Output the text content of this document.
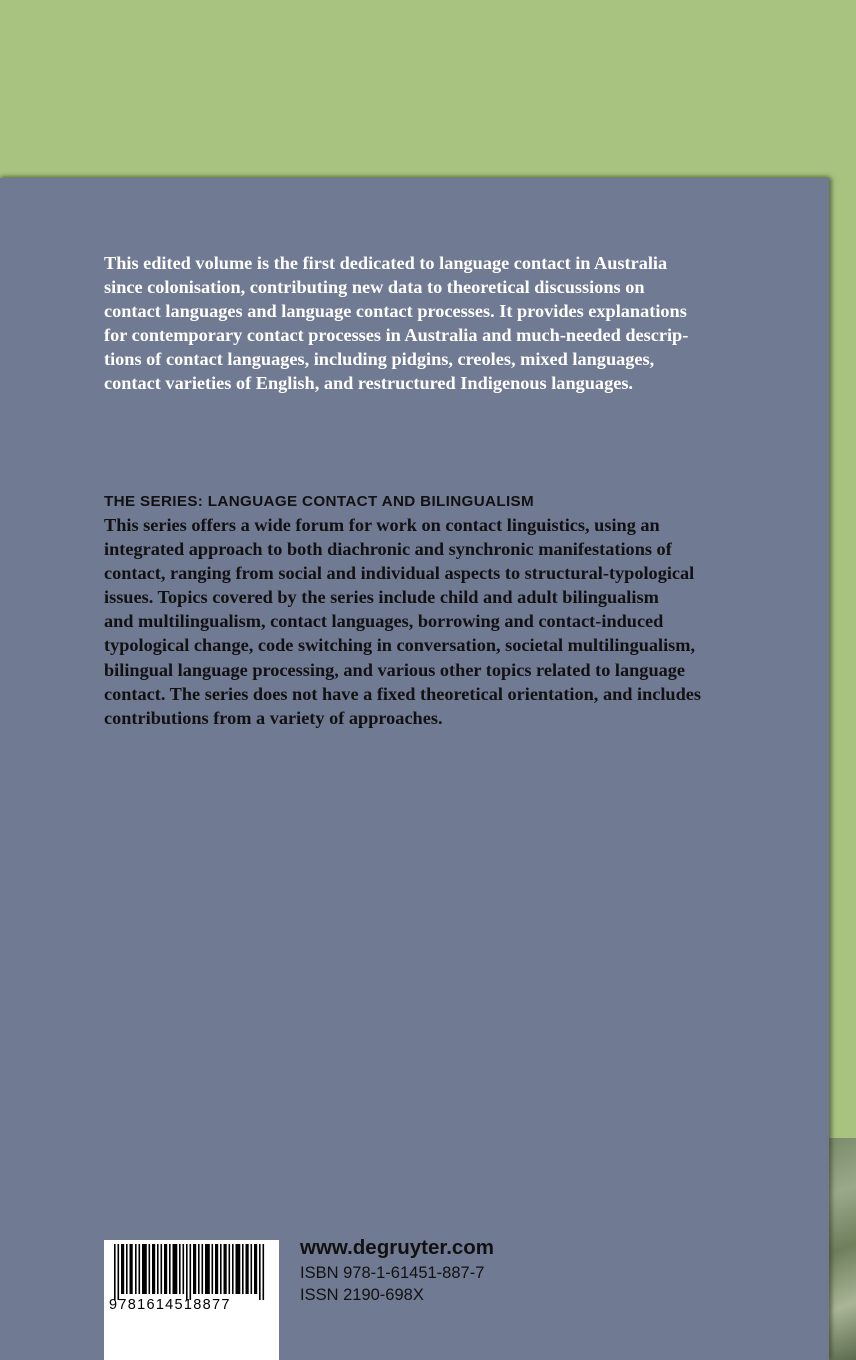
This edited volume is the first dedicated to language contact in Australia
since colonisation, contributing new data to theoretical discussions on
contact languages and language contact processes. It provides explanations
for contemporary contact processes in Australia and much-needed descrip-
tions of contact languages, including pidgins, creoles, mixed languages,
contact varieties of English, and restructured Indigenous languages.

THE SERIES: LANGUAGE CONTACT AND BILINGUALISM

This series offers a wide forum for work on contact linguistics, using an
integrated approach to both diachronic and synchronic manifestations of
contact, ranging from social and individual aspects to structural-typological
issues. Topics covered by the series include child and adult bilingualism
and multilingualism, contact languages, borrowing and contact-induced
typological change, code switching in conversation, societal multilingualism,
bilingual language processing, and various other topics related to language
contact. The series does not have a fixed theoretical orientation, and includes
contributions from a variety of approaches.

9781614518877
www.degruyter.com
ISBN 978-1-61451-887-7
ISSN 2190-698X
